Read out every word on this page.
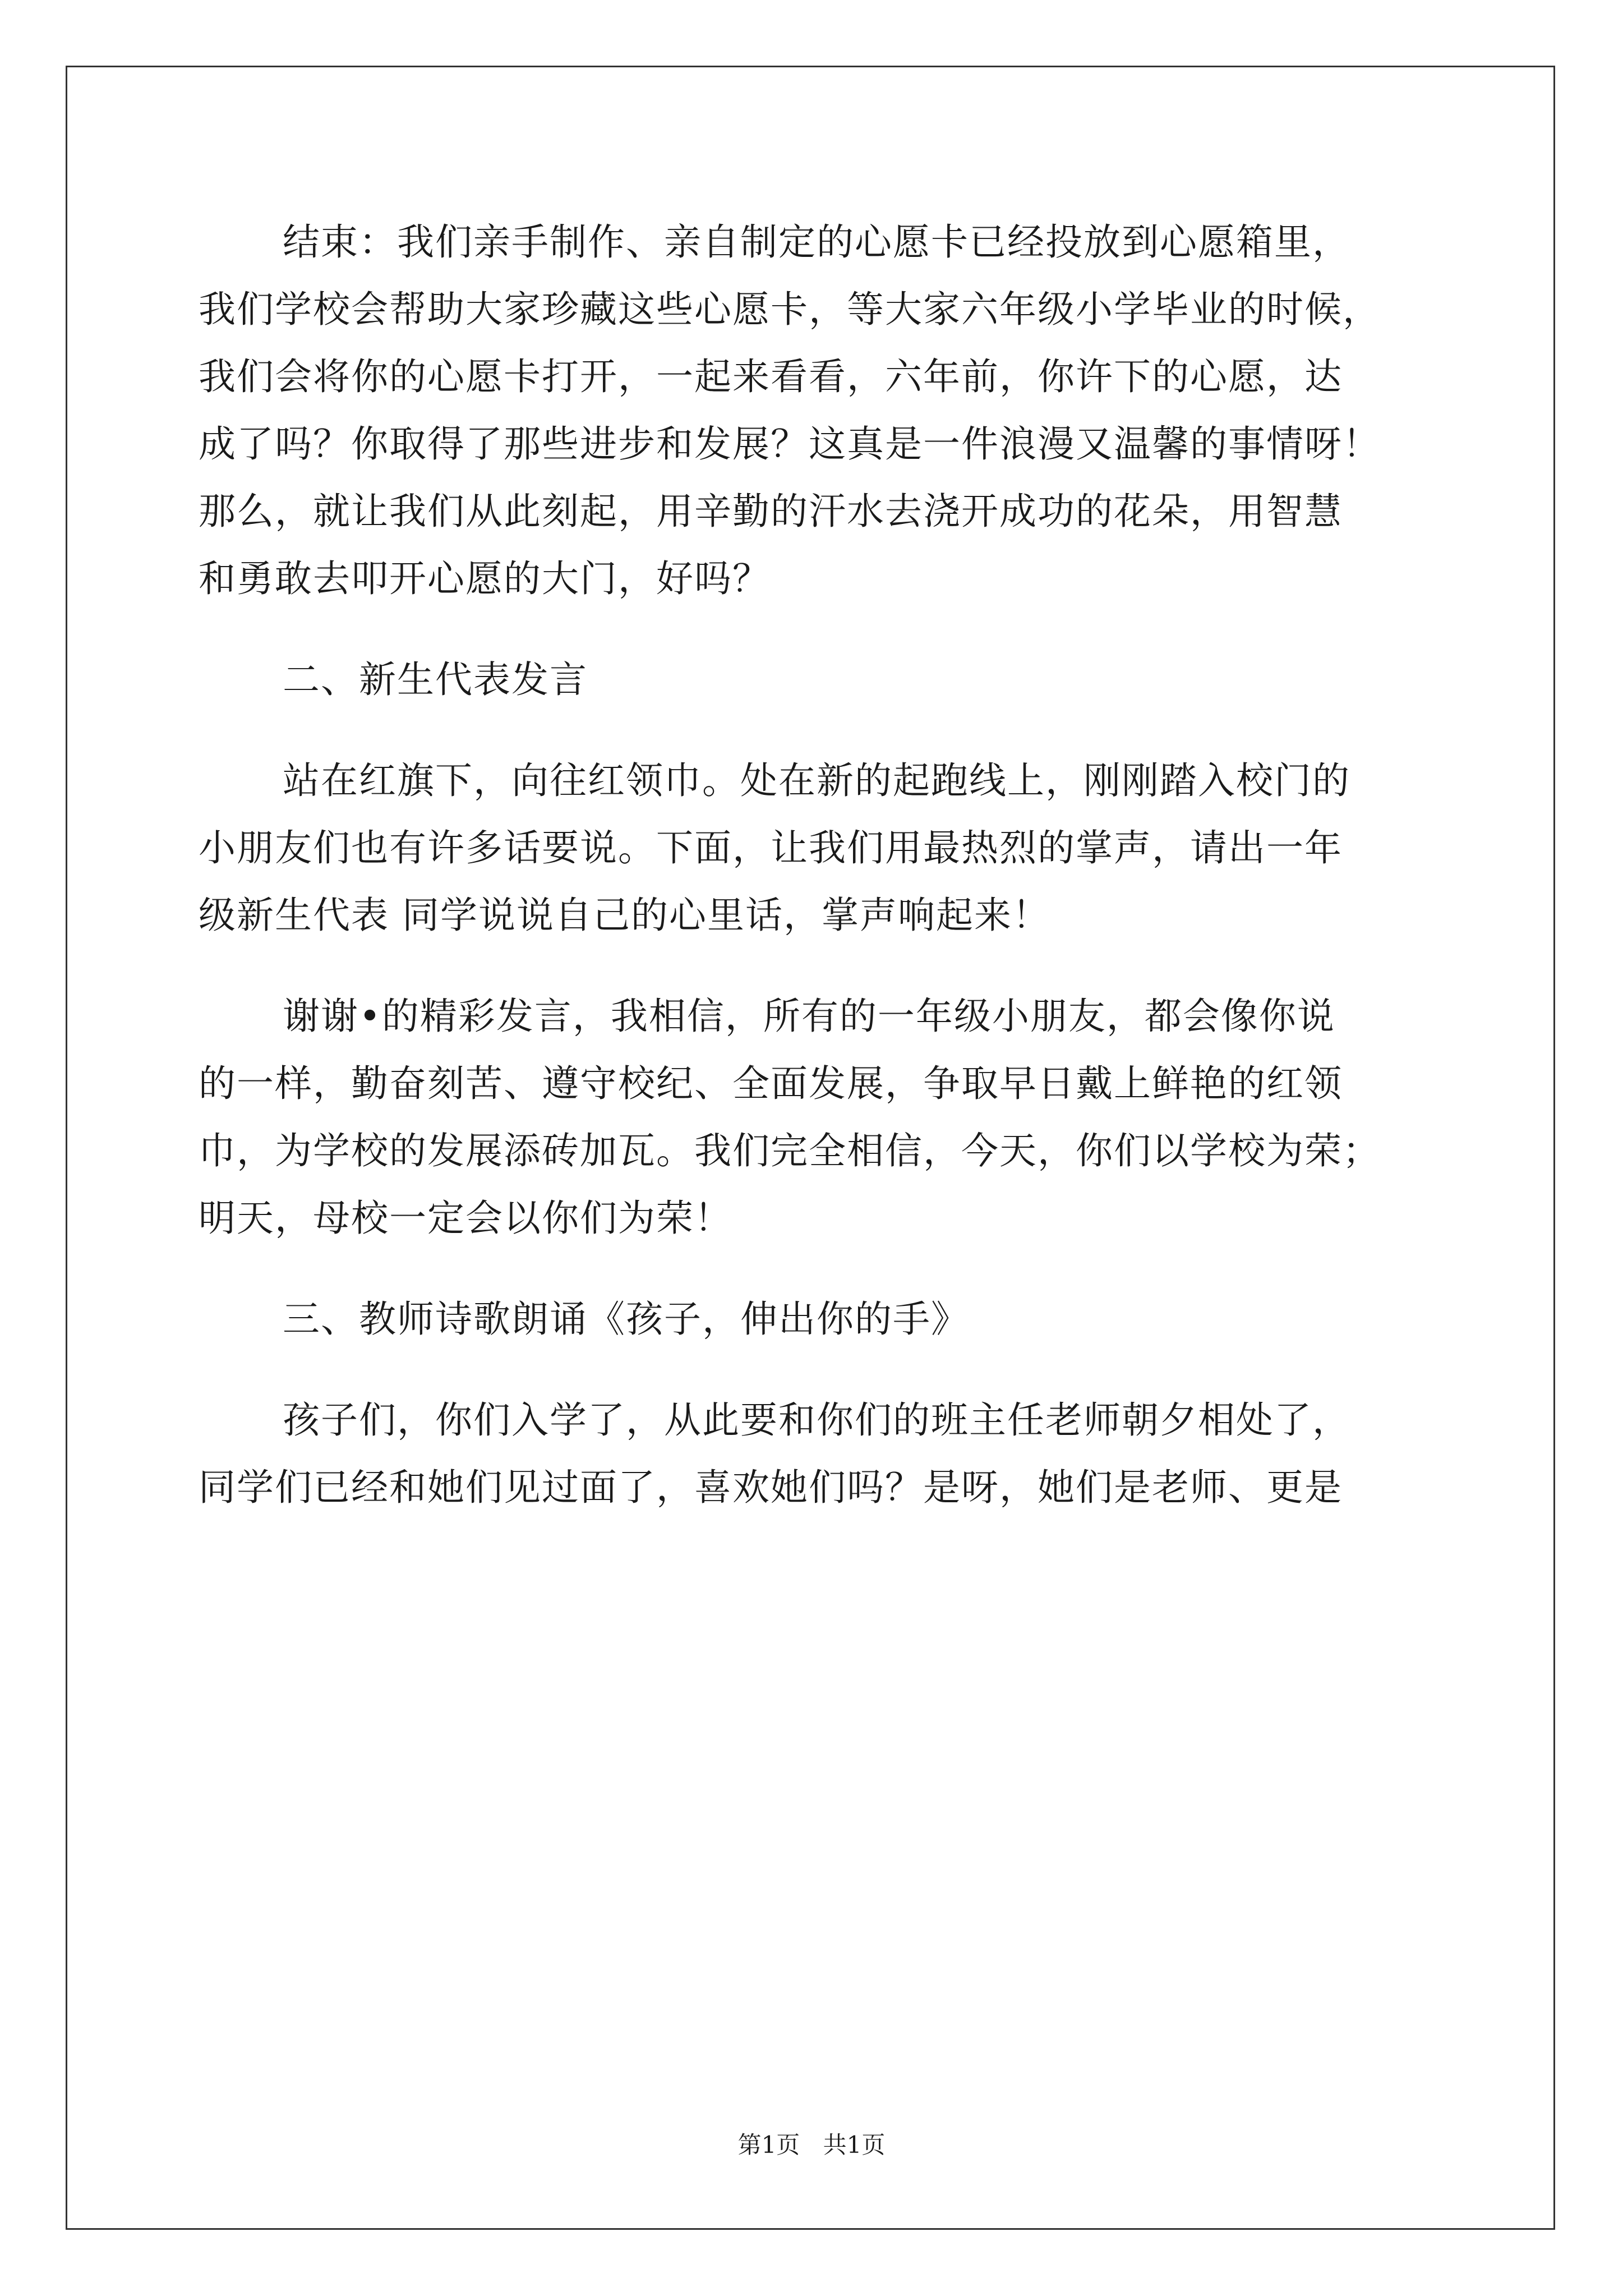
结束：我们亲手制作、亲自制定的心愿卡已经投放到心愿箱里，
我们学校会帮助大家珍藏这些心愿卡，等大家六年级小学毕业的时候，
我们会将你的心愿卡打开，一起来看看，六年前，你许下的心愿，达
成了吗？你取得了那些进步和发展？这真是一件浪漫又温馨的事情呀！
那么，就让我们从此刻起，用辛勤的汗水去浇开成功的花朵，用智慧
和勇敢去叩开心愿的大门，好吗？

二、新生代表发言

站在红旗下，向往红领巾。处在新的起跑线上，刚刚踏入校门的
小朋友们也有许多话要说。下面，让我们用最热烈的掌声，请出一年
级新生代表 同学说说自己的心里话，掌声响起来！

谢谢•的精彩发言，我相信，所有的一年级小朋友，都会像你说
的一样，勤奋刻苦、遵守校纪、全面发展，争取早日戴上鲜艳的红领
巾，为学校的发展添砖加瓦。我们完全相信，今天，你们以学校为荣；
明天，母校一定会以你们为荣！

三、教师诗歌朗诵《孩子，伸出你的手》

孩子们，你们入学了，从此要和你们的班主任老师朝夕相处了，
同学们已经和她们见过面了，喜欢她们吗？是呀，她们是老师、更是

第1页 共1页
